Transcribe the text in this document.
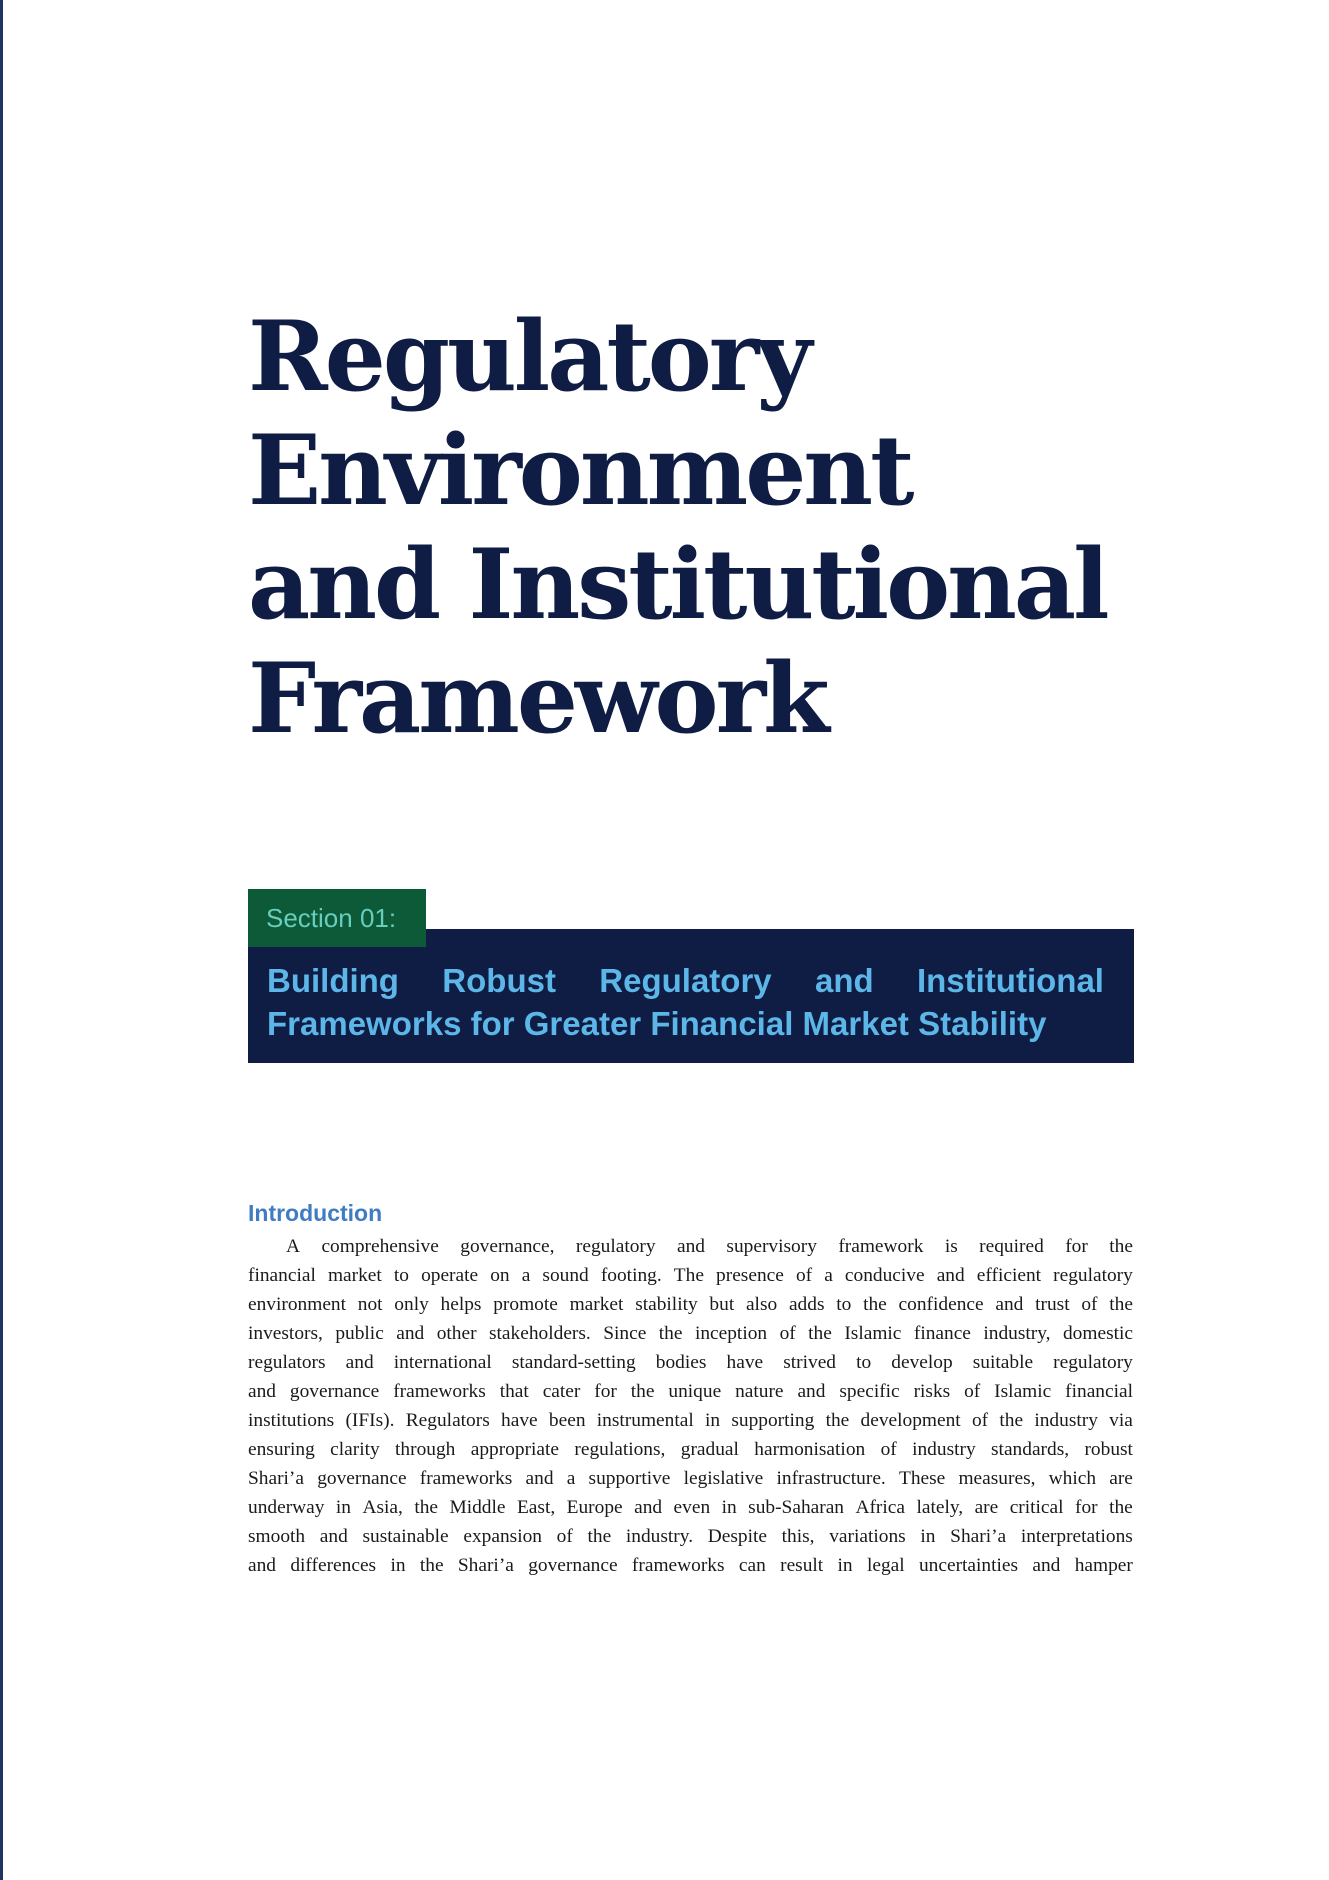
Regulatory
Environment
and Institutional
Framework
Building Robust Regulatory and Institutional
Frameworks for Greater Financial Market Stability
Section 01:
Introduction
A comprehensive governance, regulatory and supervisory framework is required for the
financial market to operate on a sound footing. The presence of a conducive and efficient regulatory
environment not only helps promote market stability but also adds to the confidence and trust of the
investors, public and other stakeholders. Since the inception of the Islamic finance industry, domestic
regulators and international standard-setting bodies have strived to develop suitable regulatory
and governance frameworks that cater for the unique nature and specific risks of Islamic financial
institutions (IFIs). Regulators have been instrumental in supporting the development of the industry via
ensuring clarity through appropriate regulations, gradual harmonisation of industry standards, robust
Shari’a governance frameworks and a supportive legislative infrastructure. These measures, which are
underway in Asia, the Middle East, Europe and even in sub-Saharan Africa lately, are critical for the
smooth and sustainable expansion of the industry. Despite this, variations in Shari’a interpretations
and differences in the Shari’a governance frameworks can result in legal uncertainties and hamper
